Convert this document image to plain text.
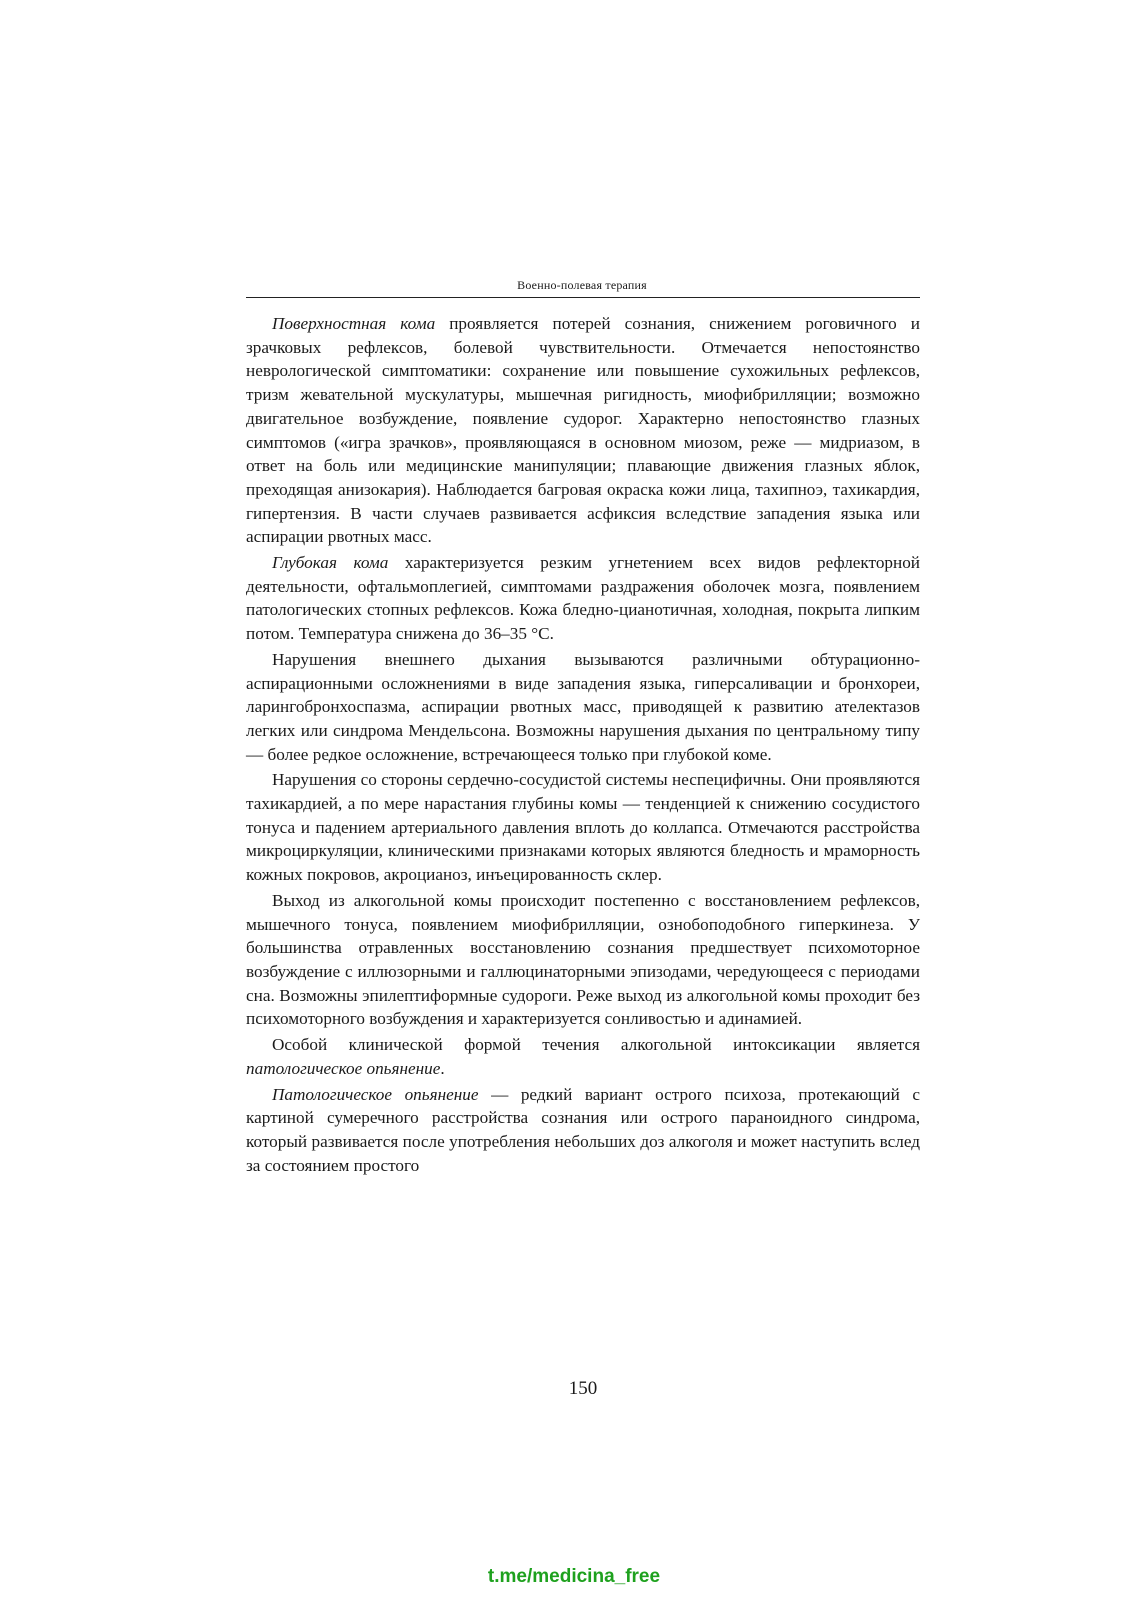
Военно-полевая терапия

Поверхностная кома проявляется потерей сознания, снижением роговичного и зрачковых рефлексов, болевой чувствительности. Отмечается непостоянство неврологической симптоматики: сохранение или повышение сухожильных рефлексов, тризм жевательной мускулатуры, мышечная ригидность, миофибрилляции; возможно двигательное возбуждение, появление судорог. Характерно непостоянство глазных симптомов («игра зрачков», проявляющаяся в основном миозом, реже — мидриазом, в ответ на боль или медицинские манипуляции; плавающие движения глазных яблок, преходящая анизокария). Наблюдается багровая окраска кожи лица, тахипноэ, тахикардия, гипертензия. В части случаев развивается асфиксия вследствие западения языка или аспирации рвотных масс.

Глубокая кома характеризуется резким угнетением всех видов рефлекторной деятельности, офтальмоплегией, симптомами раздражения оболочек мозга, появлением патологических стопных рефлексов. Кожа бледно-цианотичная, холодная, покрыта липким потом. Температура снижена до 36–35 °С.

Нарушения внешнего дыхания вызываются различными обтурационно-аспирационными осложнениями в виде западения языка, гиперсаливации и бронхореи, ларингобронхоспазма, аспирации рвотных масс, приводящей к развитию ателектазов легких или синдрома Мендельсона. Возможны нарушения дыхания по центральному типу — более редкое осложнение, встречающееся только при глубокой коме.

Нарушения со стороны сердечно-сосудистой системы неспецифичны. Они проявляются тахикардией, а по мере нарастания глубины комы — тенденцией к снижению сосудистого тонуса и падением артериального давления вплоть до коллапса. Отмечаются расстройства микроциркуляции, клиническими признаками которых являются бледность и мраморность кожных покровов, акроцианоз, инъецированность склер.

Выход из алкогольной комы происходит постепенно с восстановлением рефлексов, мышечного тонуса, появлением миофибрилляции, ознобоподобного гиперкинеза. У большинства отравленных восстановлению сознания предшествует психомоторное возбуждение с иллюзорными и галлюцинаторными эпизодами, чередующееся с периодами сна. Возможны эпилептиформные судороги. Реже выход из алкогольной комы проходит без психомоторного возбуждения и характеризуется сонливостью и адинамией.

Особой клинической формой течения алкогольной интоксикации является патологическое опьянение.

Патологическое опьянение — редкий вариант острого психоза, протекающий с картиной сумеречного расстройства сознания или острого параноидного синдрома, который развивается после употребления небольших доз алкоголя и может наступить вслед за состоянием простого

150
t.me/medicina_free
